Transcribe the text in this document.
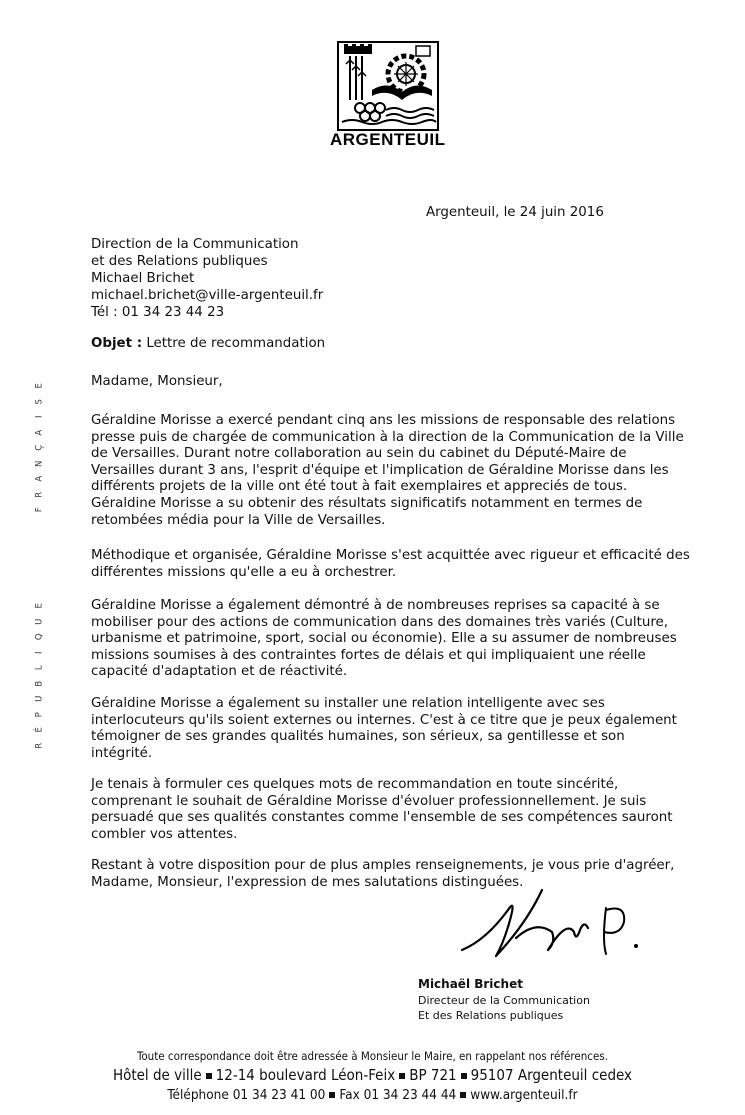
ARGENTEUIL
Argenteuil, le 24 juin 2016
Direction de la Communication
et des Relations publiques
Michael Brichet
michael.brichet@ville-argenteuil.fr
Tél : 01 34 23 44 23
Objet : Lettre de recommandation
E
S
I
A
Ç
N
A
R
F
E
U
Q
I
L
B
U
P
É
R
Madame, Monsieur,
Géraldine Morisse a exercé pendant cinq ans les missions de responsable des relations
presse puis de chargée de communication à la direction de la Communication de la Ville
de Versailles. Durant notre collaboration au sein du cabinet du Député-Maire de
Versailles durant 3 ans, l'esprit d'équipe et l'implication de Géraldine Morisse dans les
différents projets de la ville ont été tout à fait exemplaires et appreciés de tous.
Géraldine Morisse a su obtenir des résultats significatifs notamment en termes de
retombées média pour la Ville de Versailles.
Méthodique et organisée, Géraldine Morisse s'est acquittée avec rigueur et efficacité des
différentes missions qu'elle a eu à orchestrer.
Géraldine Morisse a également démontré à de nombreuses reprises sa capacité à se
mobiliser pour des actions de communication dans des domaines très variés (Culture,
urbanisme et patrimoine, sport, social ou économie). Elle a su assumer de nombreuses
missions soumises à des contraintes fortes de délais et qui impliquaient une réelle
capacité d'adaptation et de réactivité.
Géraldine Morisse a également su installer une relation intelligente avec ses
interlocuteurs qu'ils soient externes ou internes. C'est à ce titre que je peux également
témoigner de ses grandes qualités humaines, son sérieux, sa gentillesse et son
intégrité.
Je tenais à formuler ces quelques mots de recommandation en toute sincérité,
comprenant le souhait de Géraldine Morisse d'évoluer professionnellement. Je suis
persuadé que ses qualités constantes comme l'ensemble de ses compétences sauront
combler vos attentes.
Restant à votre disposition pour de plus amples renseignements, je vous prie d'agréer,
Madame, Monsieur, l'expression de mes salutations distinguées.
Michaël Brichet
Directeur de la Communication
Et des Relations publiques
Toute correspondance doit être adressée à Monsieur le Maire, en rappelant nos références.
Hôtel de ville 12-14 boulevard Léon-Feix BP 721 95107 Argenteuil cedex
Téléphone 01 34 23 41 00 Fax 01 34 23 44 44 www.argenteuil.fr
